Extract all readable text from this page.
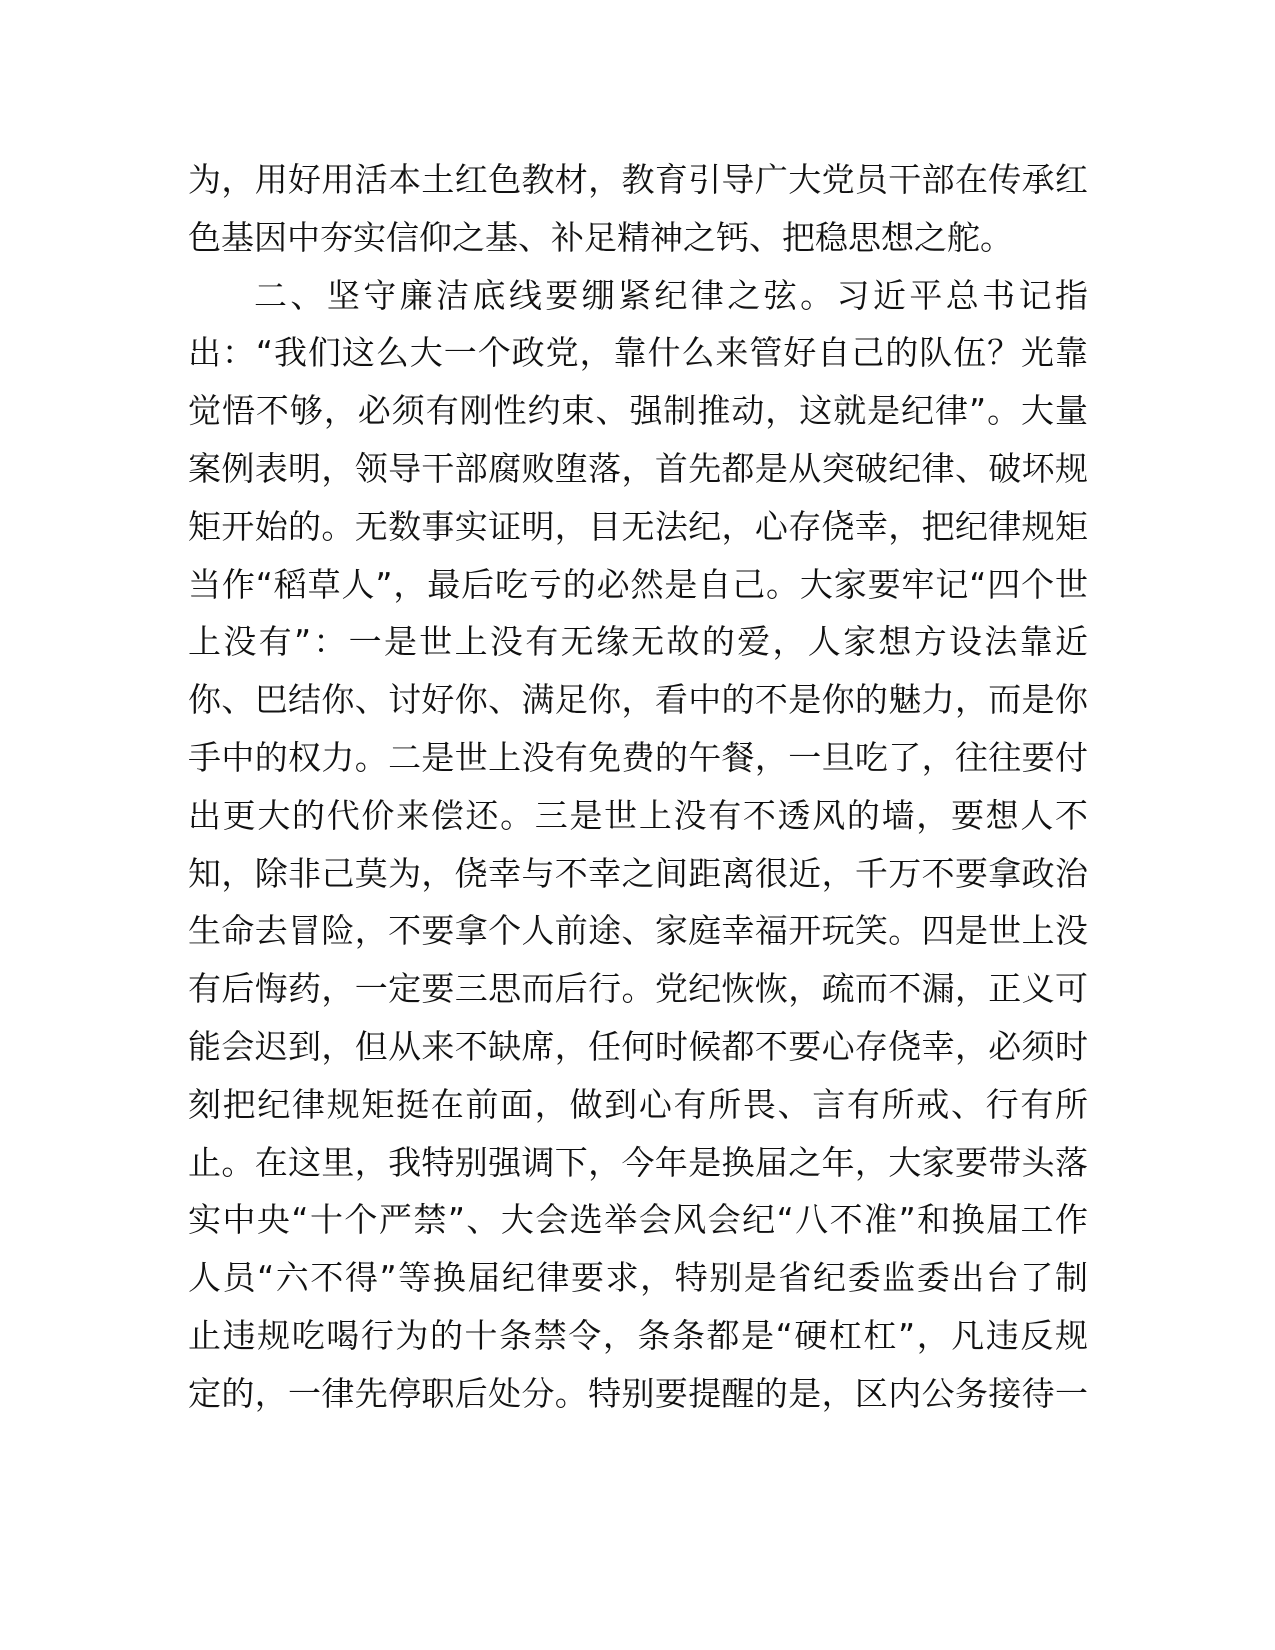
为，用好用活本土红色教材，教育引导广大党员干部在传承红
色基因中夯实信仰之基、补足精神之钙、把稳思想之舵。
二、坚守廉洁底线要绷紧纪律之弦。习近平总书记指
出：“我们这么大一个政党，靠什么来管好自己的队伍？光靠
觉悟不够，必须有刚性约束、强制推动，这就是纪律”。大量
案例表明，领导干部腐败堕落，首先都是从突破纪律、破坏规
矩开始的。无数事实证明，目无法纪，心存侥幸，把纪律规矩
当作“稻草人”，最后吃亏的必然是自己。大家要牢记“四个世
上没有”：一是世上没有无缘无故的爱，人家想方设法靠近
你、巴结你、讨好你、满足你，看中的不是你的魅力，而是你
手中的权力。二是世上没有免费的午餐，一旦吃了，往往要付
出更大的代价来偿还。三是世上没有不透风的墙，要想人不
知，除非己莫为，侥幸与不幸之间距离很近，千万不要拿政治
生命去冒险，不要拿个人前途、家庭幸福开玩笑。四是世上没
有后悔药，一定要三思而后行。党纪恢恢，疏而不漏，正义可
能会迟到，但从来不缺席，任何时候都不要心存侥幸，必须时
刻把纪律规矩挺在前面，做到心有所畏、言有所戒、行有所
止。在这里，我特别强调下，今年是换届之年，大家要带头落
实中央“十个严禁”、大会选举会风会纪“八不准”和换届工作
人员“六不得”等换届纪律要求，特别是省纪委监委出台了制
止违规吃喝行为的十条禁令，条条都是“硬杠杠”，凡违反规
定的，一律先停职后处分。特别要提醒的是，区内公务接待一
